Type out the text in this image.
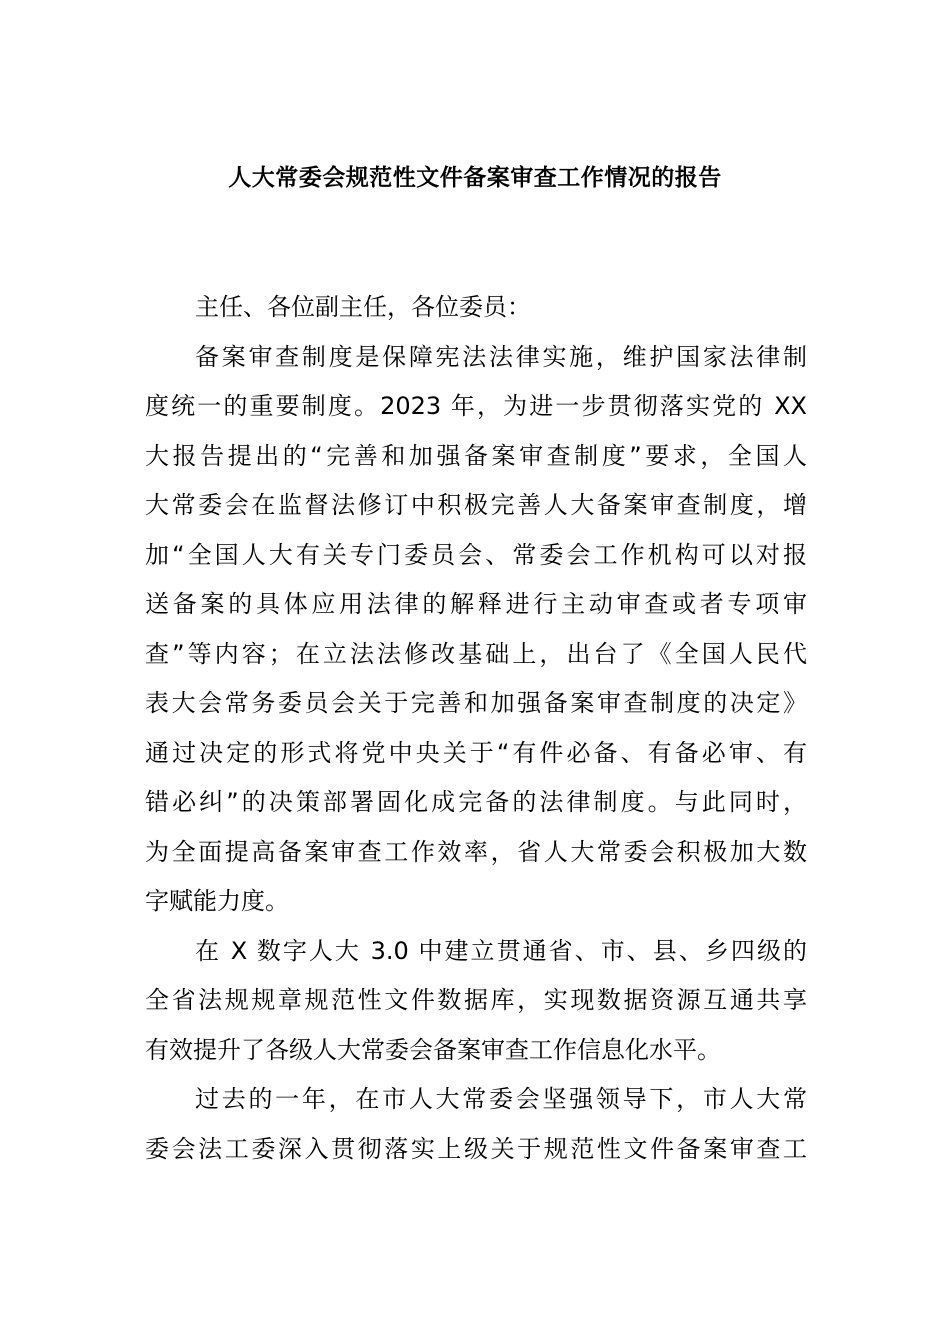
人大常委会规范性文件备案审查工作情况的报告
主任、各位副主任，各位委员：
备案审查制度是保障宪法法律实施，维护国家法律制
度统一的重要制度。2023 年，为进一步贯彻落实党的 XX
大报告提出的“完善和加强备案审查制度”要求，全国人
大常委会在监督法修订中积极完善人大备案审查制度，增
加“全国人大有关专门委员会、常委会工作机构可以对报
送备案的具体应用法律的解释进行主动审查或者专项审
查”等内容；在立法法修改基础上，出台了《全国人民代
表大会常务委员会关于完善和加强备案审查制度的决定》
通过决定的形式将党中央关于“有件必备、有备必审、有
错必纠”的决策部署固化成完备的法律制度。与此同时，
为全面提高备案审查工作效率，省人大常委会积极加大数
字赋能力度。
在 X 数字人大 3.0 中建立贯通省、市、县、乡四级的
全省法规规章规范性文件数据库，实现数据资源互通共享
有效提升了各级人大常委会备案审查工作信息化水平。
过去的一年，在市人大常委会坚强领导下，市人大常
委会法工委深入贯彻落实上级关于规范性文件备案审查工
